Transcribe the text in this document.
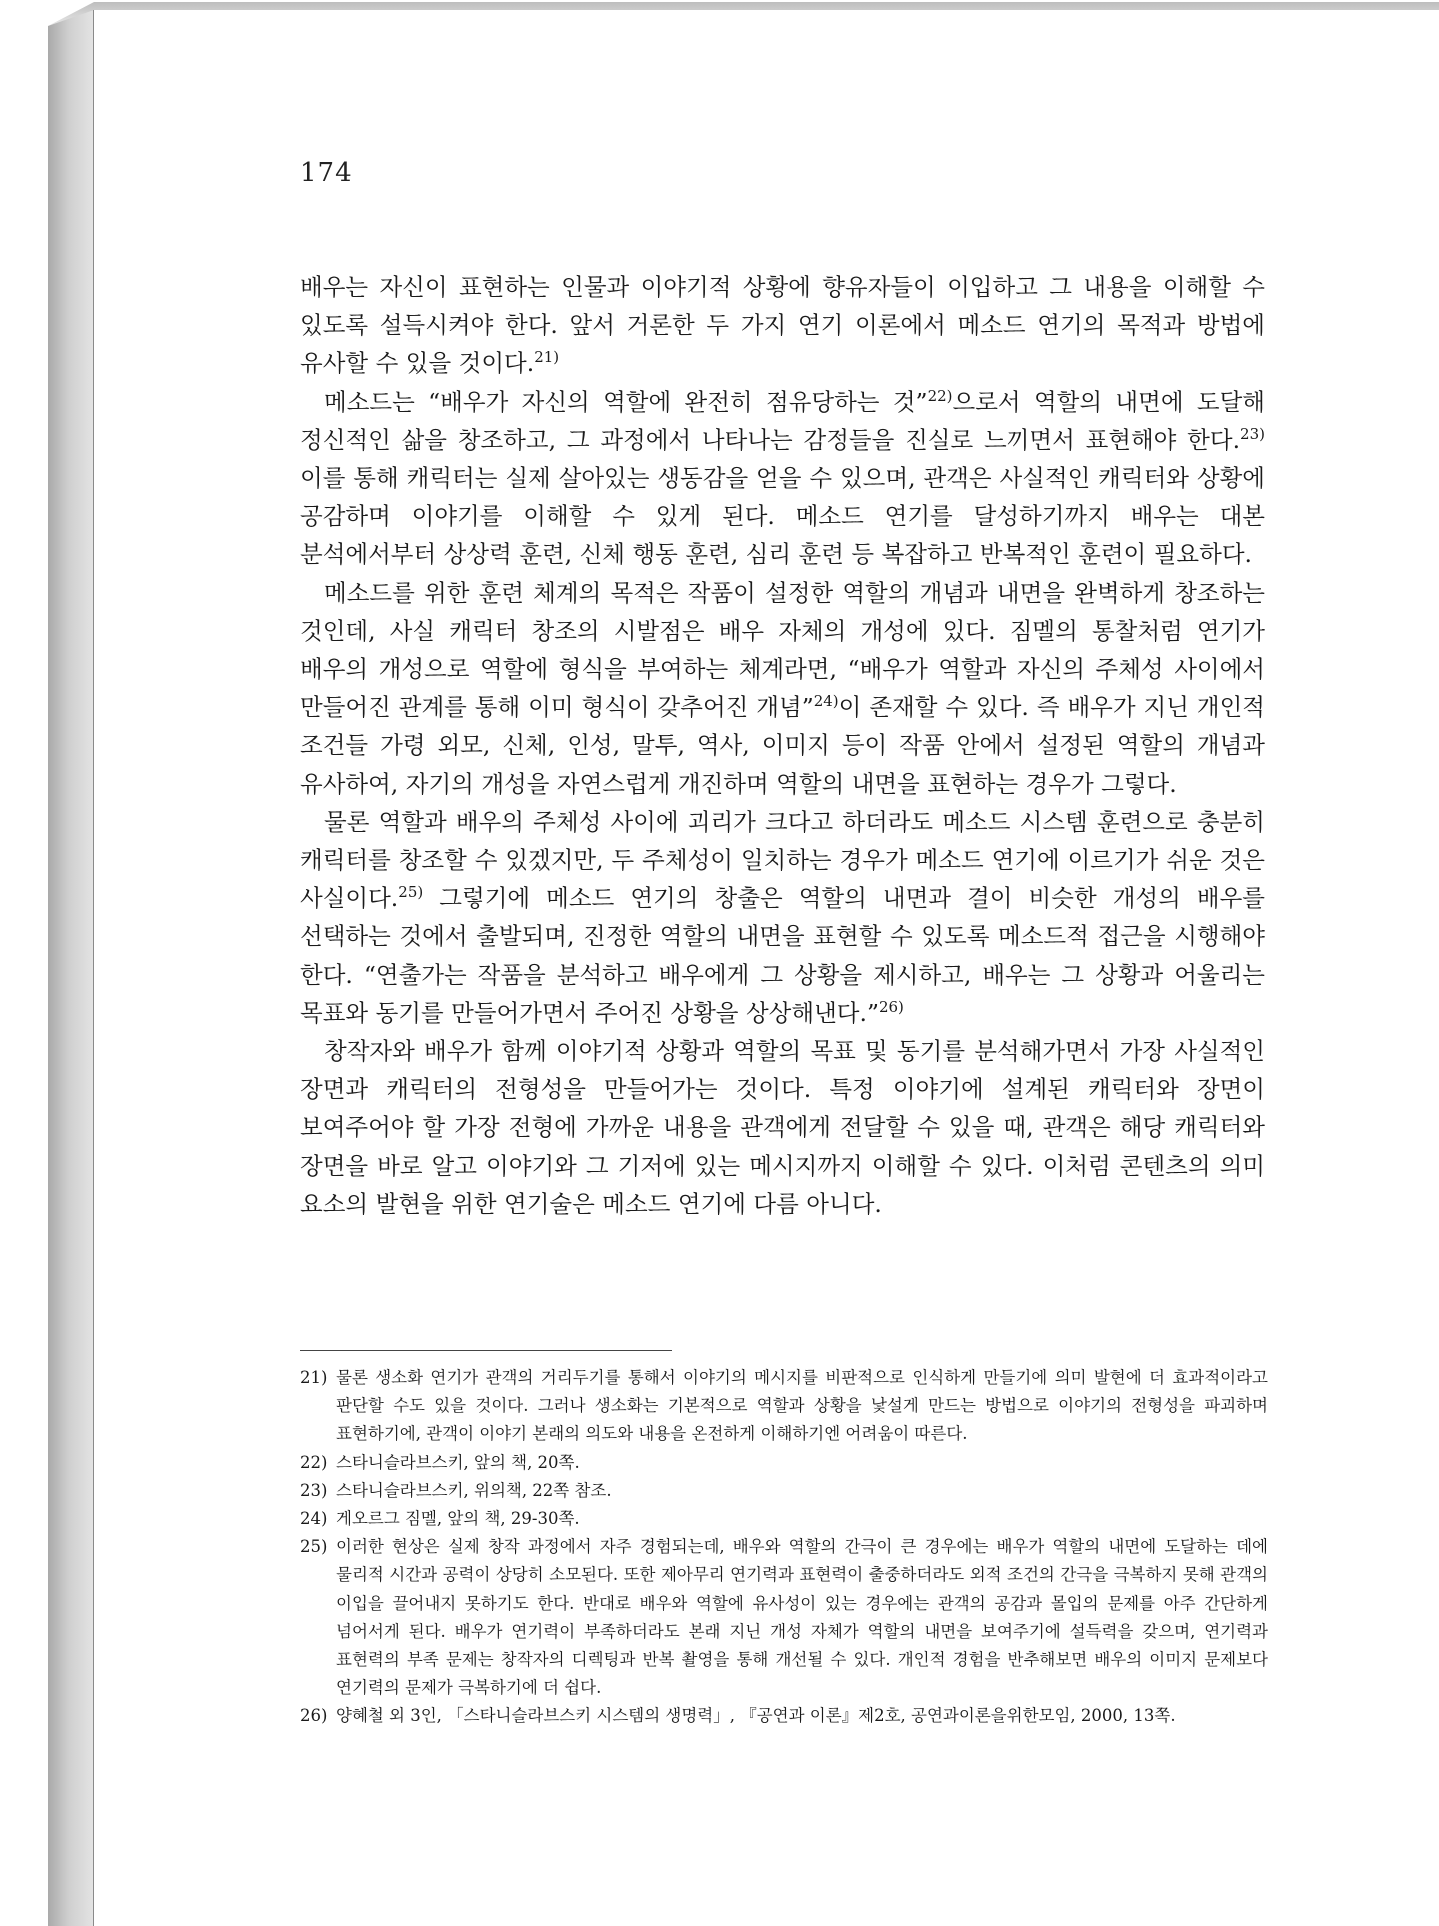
174

배우는 자신이 표현하는 인물과 이야기적 상황에 향유자들이 이입하고 그 내용을 이해할 수 있도록 설득시켜야 한다. 앞서 거론한 두 가지 연기 이론에서 메소드 연기의 목적과 방법에 유사할 수 있을 것이다.$^{21)}$

메소드는 “배우가 자신의 역할에 완전히 점유당하는 것”$^{22)}$으로서 역할의 내면에 도달해 정신적인 삶을 창조하고, 그 과정에서 나타나는 감정들을 진실로 느끼면서 표현해야 한다.$^{23)}$ 이를 통해 캐릭터는 실제 살아있는 생동감을 얻을 수 있으며, 관객은 사실적인 캐릭터와 상황에 공감하며 이야기를 이해할 수 있게 된다. 메소드 연기를 달성하기까지 배우는 대본 분석에서부터 상상력 훈련, 신체 행동 훈련, 심리 훈련 등 복잡하고 반복적인 훈련이 필요하다.

메소드를 위한 훈련 체계의 목적은 작품이 설정한 역할의 개념과 내면을 완벽하게 창조하는 것인데, 사실 캐릭터 창조의 시발점은 배우 자체의 개성에 있다. 짐멜의 통찰처럼 연기가 배우의 개성으로 역할에 형식을 부여하는 체계라면, “배우가 역할과 자신의 주체성 사이에서 만들어진 관계를 통해 이미 형식이 갖추어진 개념”$^{24)}$이 존재할 수 있다. 즉 배우가 지닌 개인적 조건들 가령 외모, 신체, 인성, 말투, 역사, 이미지 등이 작품 안에서 설정된 역할의 개념과 유사하여, 자기의 개성을 자연스럽게 개진하며 역할의 내면을 표현하는 경우가 그렇다.

물론 역할과 배우의 주체성 사이에 괴리가 크다고 하더라도 메소드 시스템 훈련으로 충분히 캐릭터를 창조할 수 있겠지만, 두 주체성이 일치하는 경우가 메소드 연기에 이르기가 쉬운 것은 사실이다.$^{25)}$ 그렇기에 메소드 연기의 창출은 역할의 내면과 결이 비슷한 개성의 배우를 선택하는 것에서 출발되며, 진정한 역할의 내면을 표현할 수 있도록 메소드적 접근을 시행해야 한다. “연출가는 작품을 분석하고 배우에게 그 상황을 제시하고, 배우는 그 상황과 어울리는 목표와 동기를 만들어가면서 주어진 상황을 상상해낸다.”$^{26)}$

창작자와 배우가 함께 이야기적 상황과 역할의 목표 및 동기를 분석해가면서 가장 사실적인 장면과 캐릭터의 전형성을 만들어가는 것이다. 특정 이야기에 설계된 캐릭터와 장면이 보여주어야 할 가장 전형에 가까운 내용을 관객에게 전달할 수 있을 때, 관객은 해당 캐릭터와 장면을 바로 알고 이야기와 그 기저에 있는 메시지까지 이해할 수 있다. 이처럼 콘텐츠의 의미 요소의 발현을 위한 연기술은 메소드 연기에 다름 아니다.

21) 물론 생소화 연기가 관객의 거리두기를 통해서 이야기의 메시지를 비판적으로 인식하게 만들기에 의미 발현에 더 효과적이라고 판단할 수도 있을 것이다. 그러나 생소화는 기본적으로 역할과 상황을 낯설게 만드는 방법으로 이야기의 전형성을 파괴하며 표현하기에, 관객이 이야기 본래의 의도와 내용을 온전하게 이해하기엔 어려움이 따른다.
22) 스타니슬라브스키, 앞의 책, 20쪽.
23) 스타니슬라브스키, 위의책, 22쪽 참조.
24) 게오르그 짐멜, 앞의 책, 29-30쪽.
25) 이러한 현상은 실제 창작 과정에서 자주 경험되는데, 배우와 역할의 간극이 큰 경우에는 배우가 역할의 내면에 도달하는 데에 물리적 시간과 공력이 상당히 소모된다. 또한 제아무리 연기력과 표현력이 출중하더라도 외적 조건의 간극을 극복하지 못해 관객의 이입을 끌어내지 못하기도 한다. 반대로 배우와 역할에 유사성이 있는 경우에는 관객의 공감과 몰입의 문제를 아주 간단하게 넘어서게 된다. 배우가 연기력이 부족하더라도 본래 지닌 개성 자체가 역할의 내면을 보여주기에 설득력을 갖으며, 연기력과 표현력의 부족 문제는 창작자의 디렉팅과 반복 촬영을 통해 개선될 수 있다. 개인적 경험을 반추해보면 배우의 이미지 문제보다 연기력의 문제가 극복하기에 더 쉽다.
26) 양혜철 외 3인, 「스타니슬라브스키 시스템의 생명력」, 『공연과 이론』제2호, 공연과이론을위한모임, 2000, 13쪽.
